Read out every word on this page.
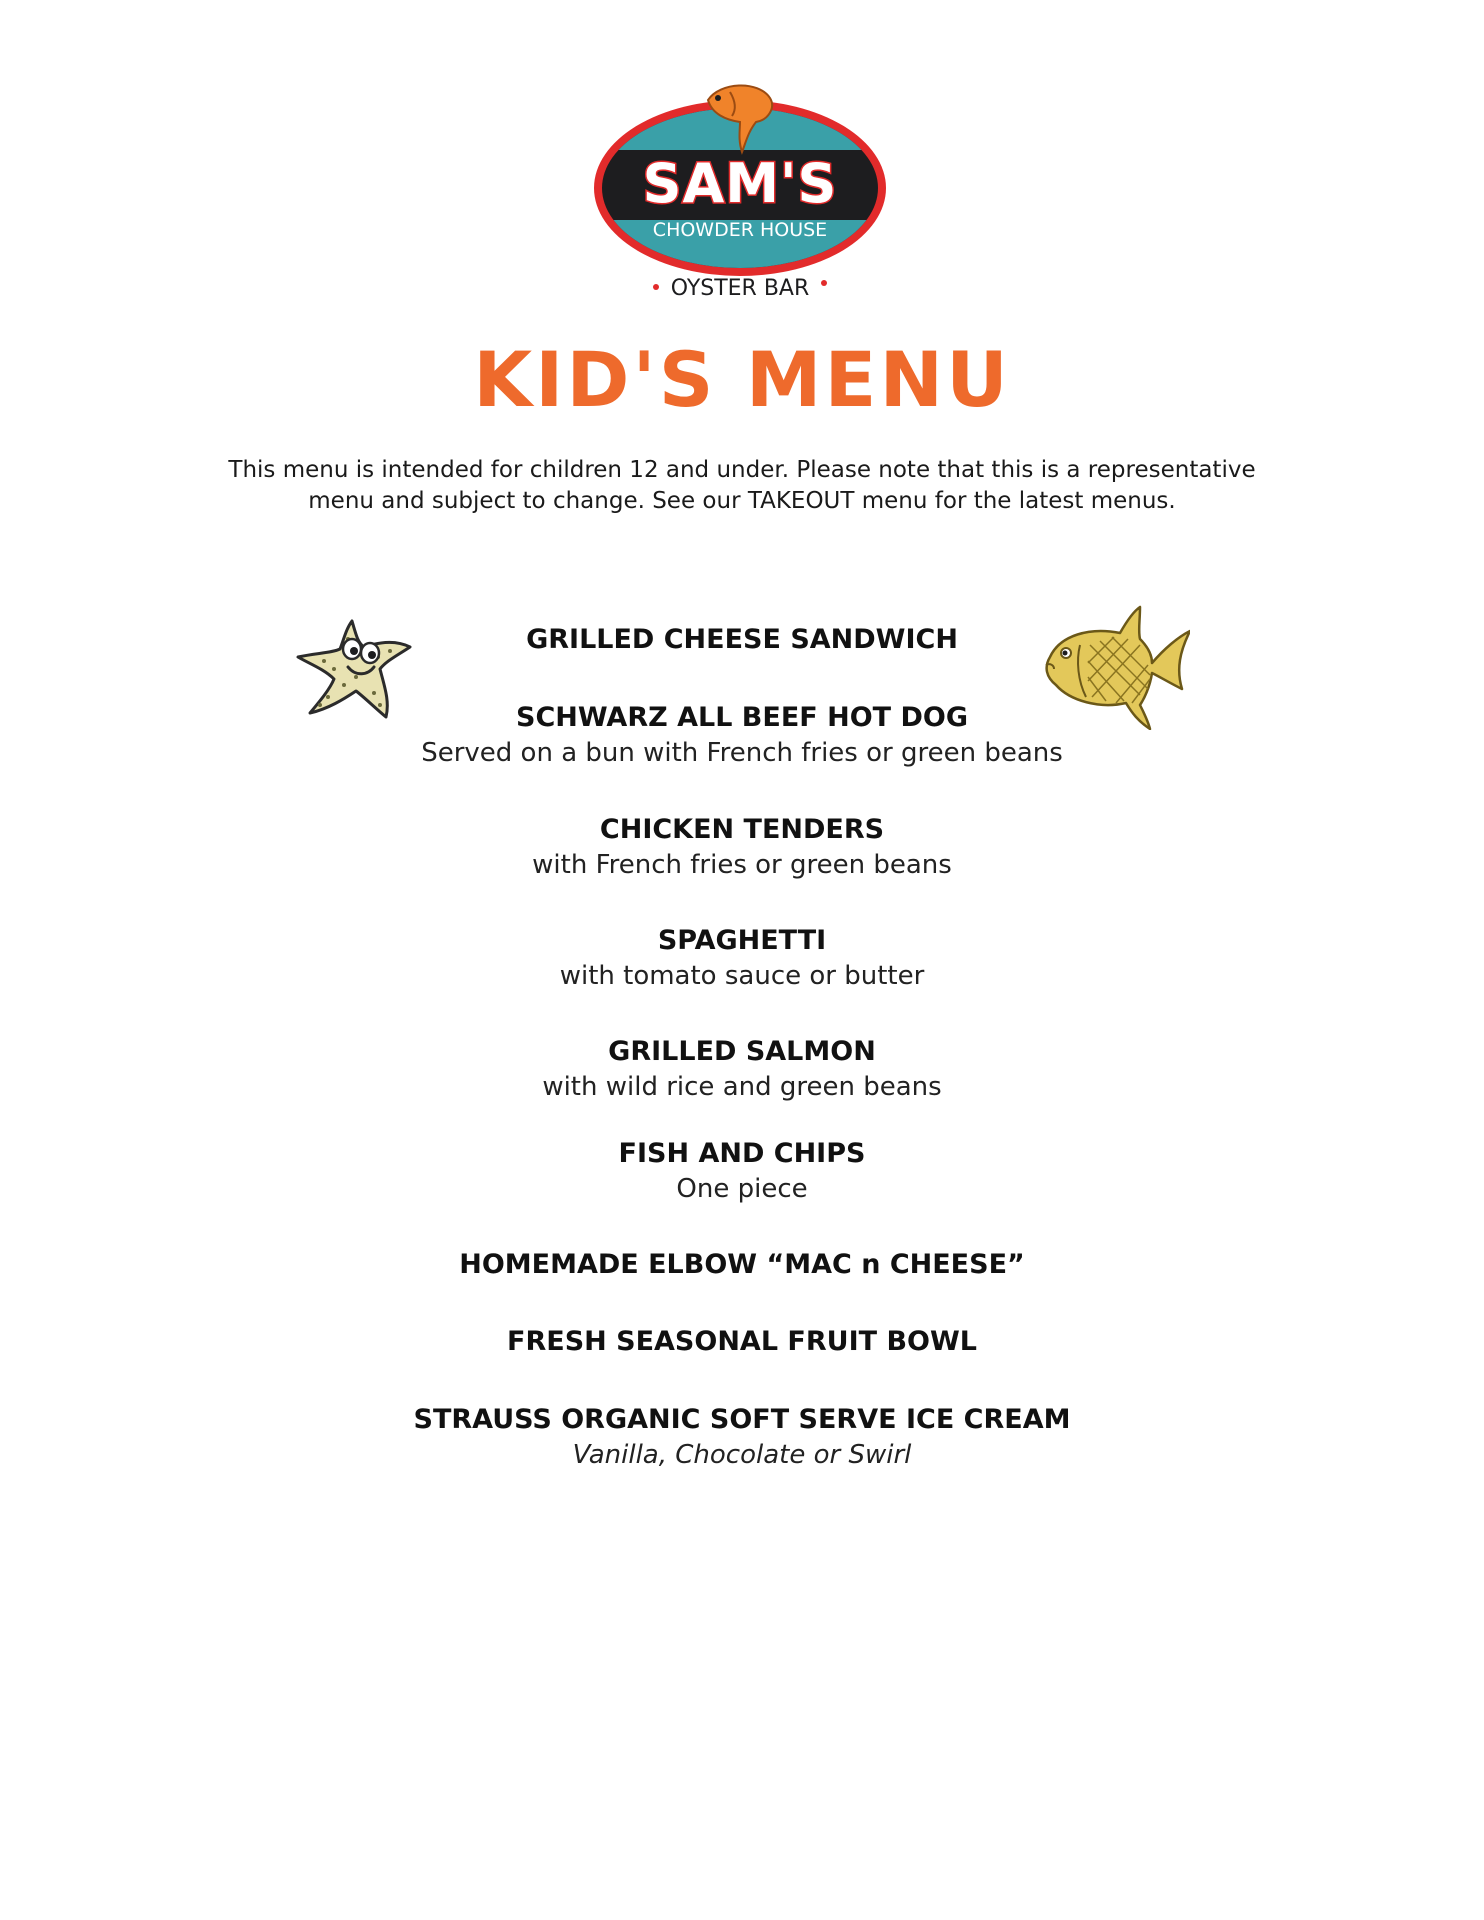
SAM'S
CHOWDER HOUSE
OYSTER BAR
KID'S MENU
This menu is intended for children 12 and under. Please note that this is a representative
menu and subject to change. See our TAKEOUT menu for the latest menus.
GRILLED CHEESE SANDWICH
SCHWARZ ALL BEEF HOT DOG
Served on a bun with French fries or green beans
CHICKEN TENDERS
with French fries or green beans
SPAGHETTI
with tomato sauce or butter
GRILLED SALMON
with wild rice and green beans
FISH AND CHIPS
One piece
HOMEMADE ELBOW “MAC n CHEESE”
FRESH SEASONAL FRUIT BOWL
STRAUSS ORGANIC SOFT SERVE ICE CREAM
Vanilla, Chocolate or Swirl
